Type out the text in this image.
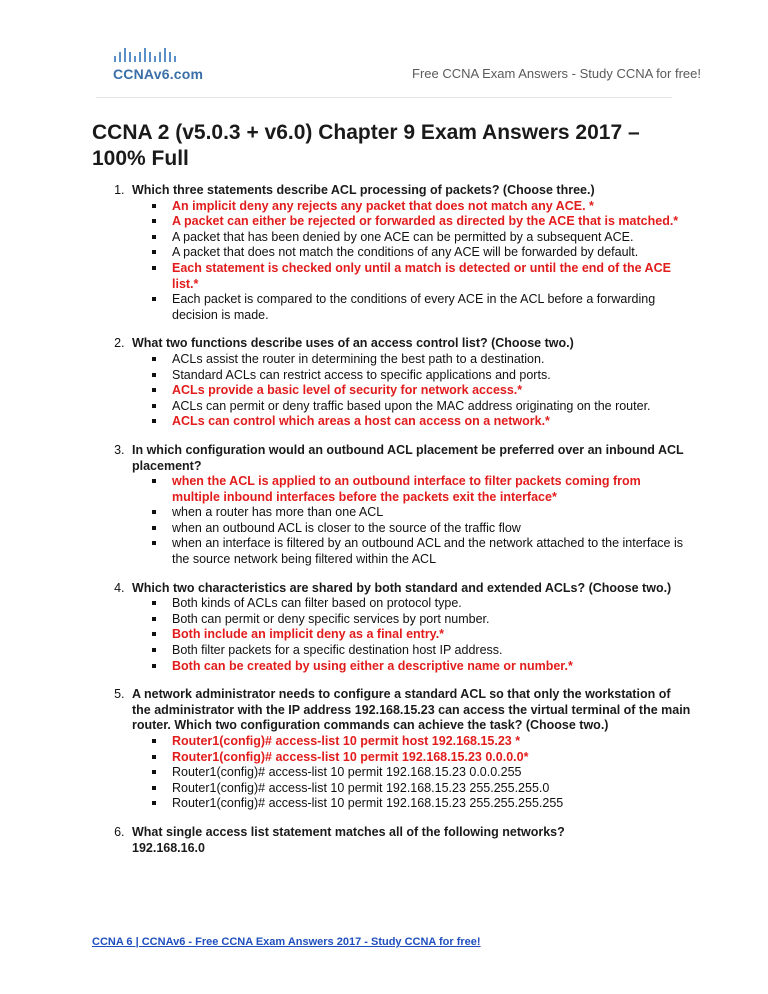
CCNAv6.com	Free CCNA Exam Answers - Study CCNA for free!
CCNA 2 (v5.0.3 + v6.0) Chapter 9 Exam Answers 2017 – 100% Full
1. Which three statements describe ACL processing of packets? (Choose three.)
An implicit deny any rejects any packet that does not match any ACE. *
A packet can either be rejected or forwarded as directed by the ACE that is matched.*
A packet that has been denied by one ACE can be permitted by a subsequent ACE.
A packet that does not match the conditions of any ACE will be forwarded by default.
Each statement is checked only until a match is detected or until the end of the ACE list.*
Each packet is compared to the conditions of every ACE in the ACL before a forwarding decision is made.
2. What two functions describe uses of an access control list? (Choose two.)
ACLs assist the router in determining the best path to a destination.
Standard ACLs can restrict access to specific applications and ports.
ACLs provide a basic level of security for network access.*
ACLs can permit or deny traffic based upon the MAC address originating on the router.
ACLs can control which areas a host can access on a network.*
3. In which configuration would an outbound ACL placement be preferred over an inbound ACL placement?
when the ACL is applied to an outbound interface to filter packets coming from multiple inbound interfaces before the packets exit the interface*
when a router has more than one ACL
when an outbound ACL is closer to the source of the traffic flow
when an interface is filtered by an outbound ACL and the network attached to the interface is the source network being filtered within the ACL
4. Which two characteristics are shared by both standard and extended ACLs? (Choose two.)
Both kinds of ACLs can filter based on protocol type.
Both can permit or deny specific services by port number.
Both include an implicit deny as a final entry.*
Both filter packets for a specific destination host IP address.
Both can be created by using either a descriptive name or number.*
5. A network administrator needs to configure a standard ACL so that only the workstation of the administrator with the IP address 192.168.15.23 can access the virtual terminal of the main router. Which two configuration commands can achieve the task? (Choose two.)
Router1(config)# access-list 10 permit host 192.168.15.23 *
Router1(config)# access-list 10 permit 192.168.15.23 0.0.0.0*
Router1(config)# access-list 10 permit 192.168.15.23 0.0.0.255
Router1(config)# access-list 10 permit 192.168.15.23 255.255.255.0
Router1(config)# access-list 10 permit 192.168.15.23 255.255.255.255
6. What single access list statement matches all of the following networks?
192.168.16.0
CCNA 6 | CCNAv6 - Free CCNA Exam Answers 2017 - Study CCNA for free!
